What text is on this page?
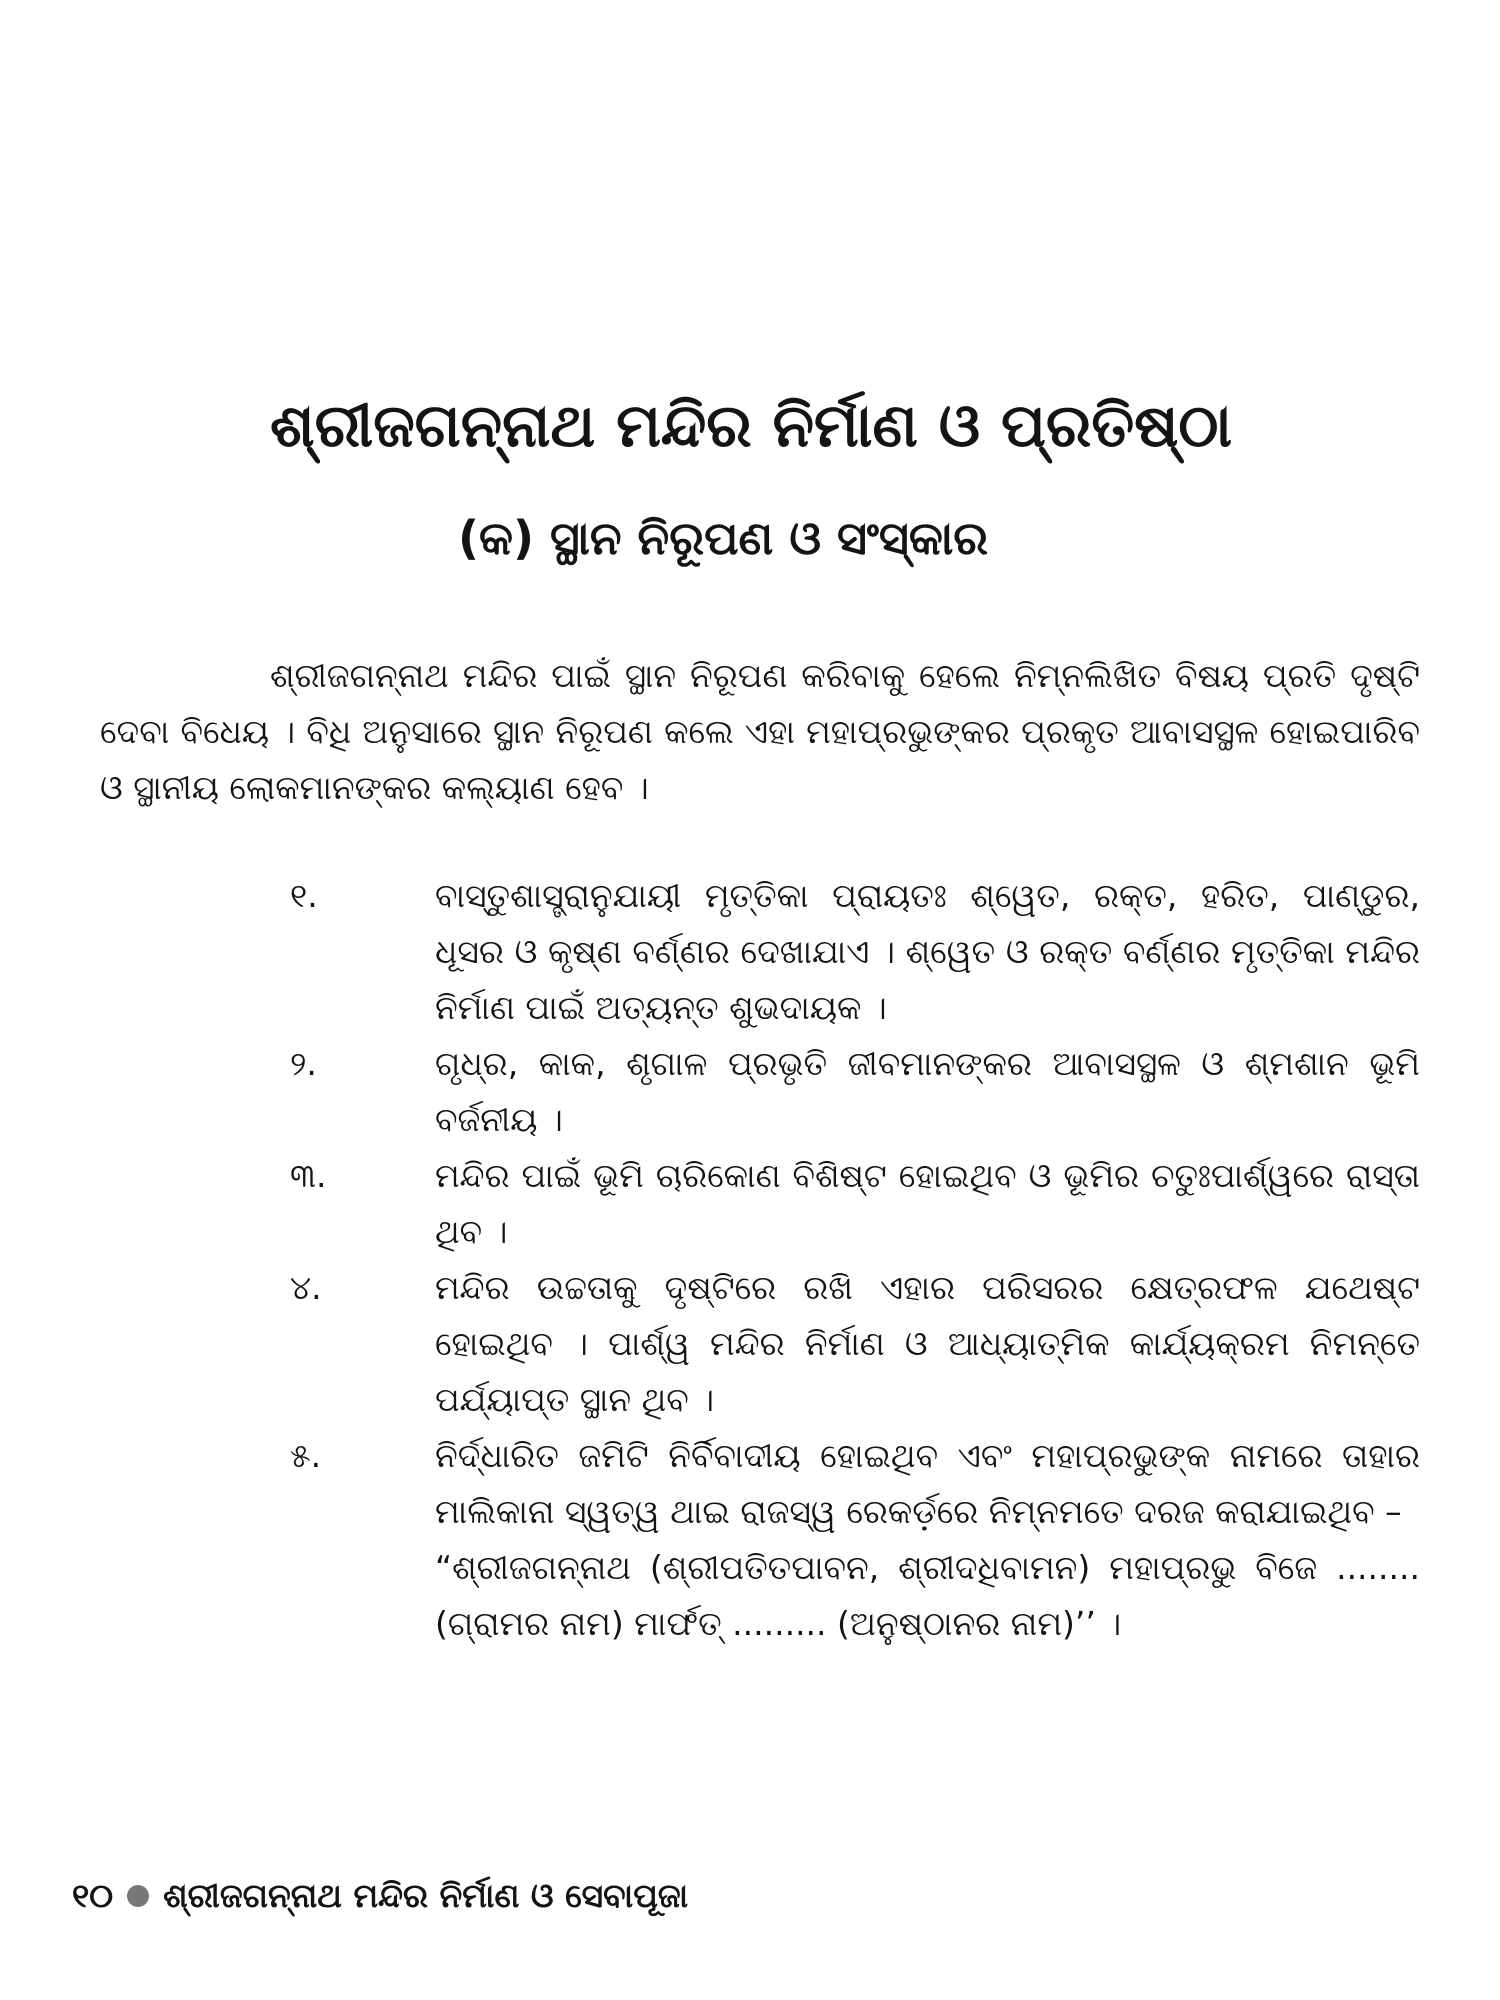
ଶ୍ରୀଜଗନ୍ନାଥ ମନ୍ଦିର ନିର୍ମାଣ ଓ ପ୍ରତିଷ୍ଠା
(କ) ସ୍ଥାନ ନିରୂପଣ ଓ ସଂସ୍କାର

ଶ୍ରୀଜଗନ୍ନାଥ ମନ୍ଦିର ପାଇଁ ସ୍ଥାନ ନିରୂପଣ କରିବାକୁ ହେଲେ ନିମ୍ନଲିଖିତ ବିଷୟ ପ୍ରତି ଦୃଷ୍ଟି ଦେବା ବିଧେୟ । ବିଧି ଅନୁସାରେ ସ୍ଥାନ ନିରୂପଣ କଲେ ଏହା ମହାପ୍ରଭୁଙ୍କର ପ୍ରକୃତ ଆବାସସ୍ଥଳ ହୋଇପାରିବ ଓ ସ୍ଥାନୀୟ ଲୋକମାନଙ୍କର କଲ୍ୟାଣ ହେବ ।

୧.	ବାସ୍ତୁଶାସ୍ତ୍ରାନୁଯାୟୀ ମୃତ୍ତିକା ପ୍ରାୟତଃ ଶ୍ୱେତ, ରକ୍ତ, ହରିତ, ପାଣ୍ଡୁର, ଧୂସର ଓ କୃଷ୍ଣ ବର୍ଣ୍ଣର ଦେଖାଯାଏ । ଶ୍ୱେତ ଓ ରକ୍ତ ବର୍ଣ୍ଣର ମୃତ୍ତିକା ମନ୍ଦିର ନିର୍ମାଣ ପାଇଁ ଅତ୍ୟନ୍ତ ଶୁଭଦାୟକ ।
୨.	ଗୃଧ୍ର, କାକ, ଶୃଗାଳ ପ୍ରଭୃତି ଜୀବମାନଙ୍କର ଆବାସସ୍ଥଳ ଓ ଶ୍ମଶାନ ଭୂମି ବର୍ଜନୀୟ ।
୩.	ମନ୍ଦିର ପାଇଁ ଭୂମି ଚାରିକୋଣ ବିଶିଷ୍ଟ ହୋଇଥିବ ଓ ଭୂମିର ଚତୁଃପାର୍ଶ୍ୱରେ ରାସ୍ତା ଥିବ ।
୪.	ମନ୍ଦିର ଉଚ୍ଚତାକୁ ଦୃଷ୍ଟିରେ ରଖି ଏହାର ପରିସରର କ୍ଷେତ୍ରଫଳ ଯଥେଷ୍ଟ ହୋଇଥିବ । ପାର୍ଶ୍ୱ ମନ୍ଦିର ନିର୍ମାଣ ଓ ଆଧ୍ୟାତ୍ମିକ କାର୍ଯ୍ୟକ୍ରମ ନିମନ୍ତେ ପର୍ଯ୍ୟାପ୍ତ ସ୍ଥାନ ଥିବ ।
୫.	ନିର୍ଦ୍ଧାରିତ ଜମିଟି ନିର୍ବିବାଦୀୟ ହୋଇଥିବ ଏବଂ ମହାପ୍ରଭୁଙ୍କ ନାମରେ ତାହାର ମାଲିକାନା ସ୍ୱତ୍ୱ ଥାଇ ରାଜସ୍ୱ ରେକର୍ଡ଼ରେ ନିମ୍ନମତେ ଦରଜ କରାଯାଇଥିବ –
“ଶ୍ରୀଜଗନ୍ନାଥ (ଶ୍ରୀପତିତପାବନ, ଶ୍ରୀଦଧିବାମନ) ମହାପ୍ରଭୁ ବିଜେ ........ (ଗ୍ରାମର ନାମ) ମାର୍ଫତ୍ ......... (ଅନୁଷ୍ଠାନର ନାମ)’’ ।
୧୦ ଶ୍ରୀଜଗନ୍ନାଥ ମନ୍ଦିର ନିର୍ମାଣ ଓ ସେବାପୂଜା
